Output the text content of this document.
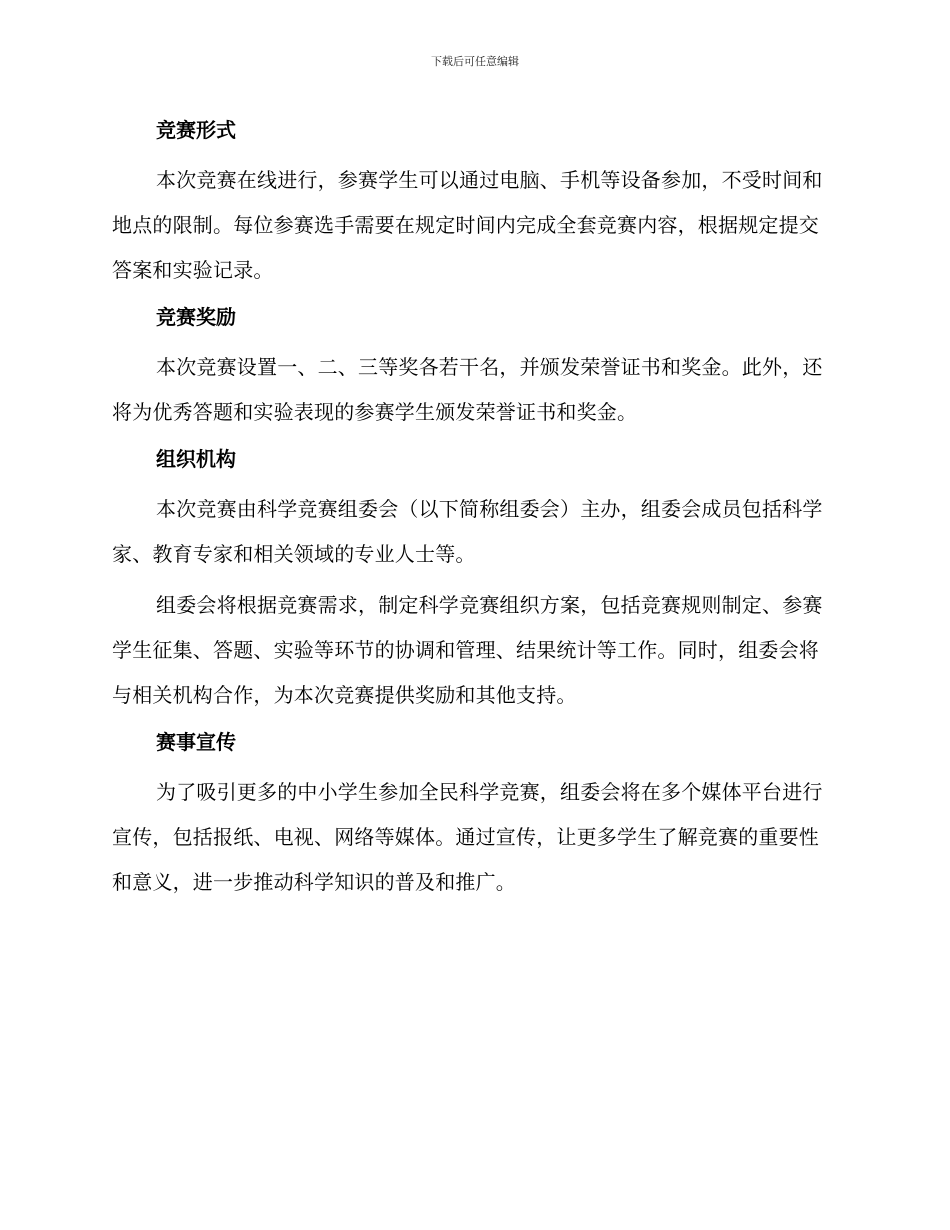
下载后可任意编辑
竞赛形式

本次竞赛在线进行，参赛学生可以通过电脑、手机等设备参加，不受时间和地点的限制。每位参赛选手需要在规定时间内完成全套竞赛内容，根据规定提交答案和实验记录。

竞赛奖励

本次竞赛设置一、二、三等奖各若干名，并颁发荣誉证书和奖金。此外，还将为优秀答题和实验表现的参赛学生颁发荣誉证书和奖金。

组织机构

本次竞赛由科学竞赛组委会（以下简称组委会）主办，组委会成员包括科学家、教育专家和相关领域的专业人士等。

组委会将根据竞赛需求，制定科学竞赛组织方案，包括竞赛规则制定、参赛学生征集、答题、实验等环节的协调和管理、结果统计等工作。同时，组委会将与相关机构合作，为本次竞赛提供奖励和其他支持。

赛事宣传

为了吸引更多的中小学生参加全民科学竞赛，组委会将在多个媒体平台进行宣传，包括报纸、电视、网络等媒体。通过宣传，让更多学生了解竞赛的重要性和意义，进一步推动科学知识的普及和推广。
